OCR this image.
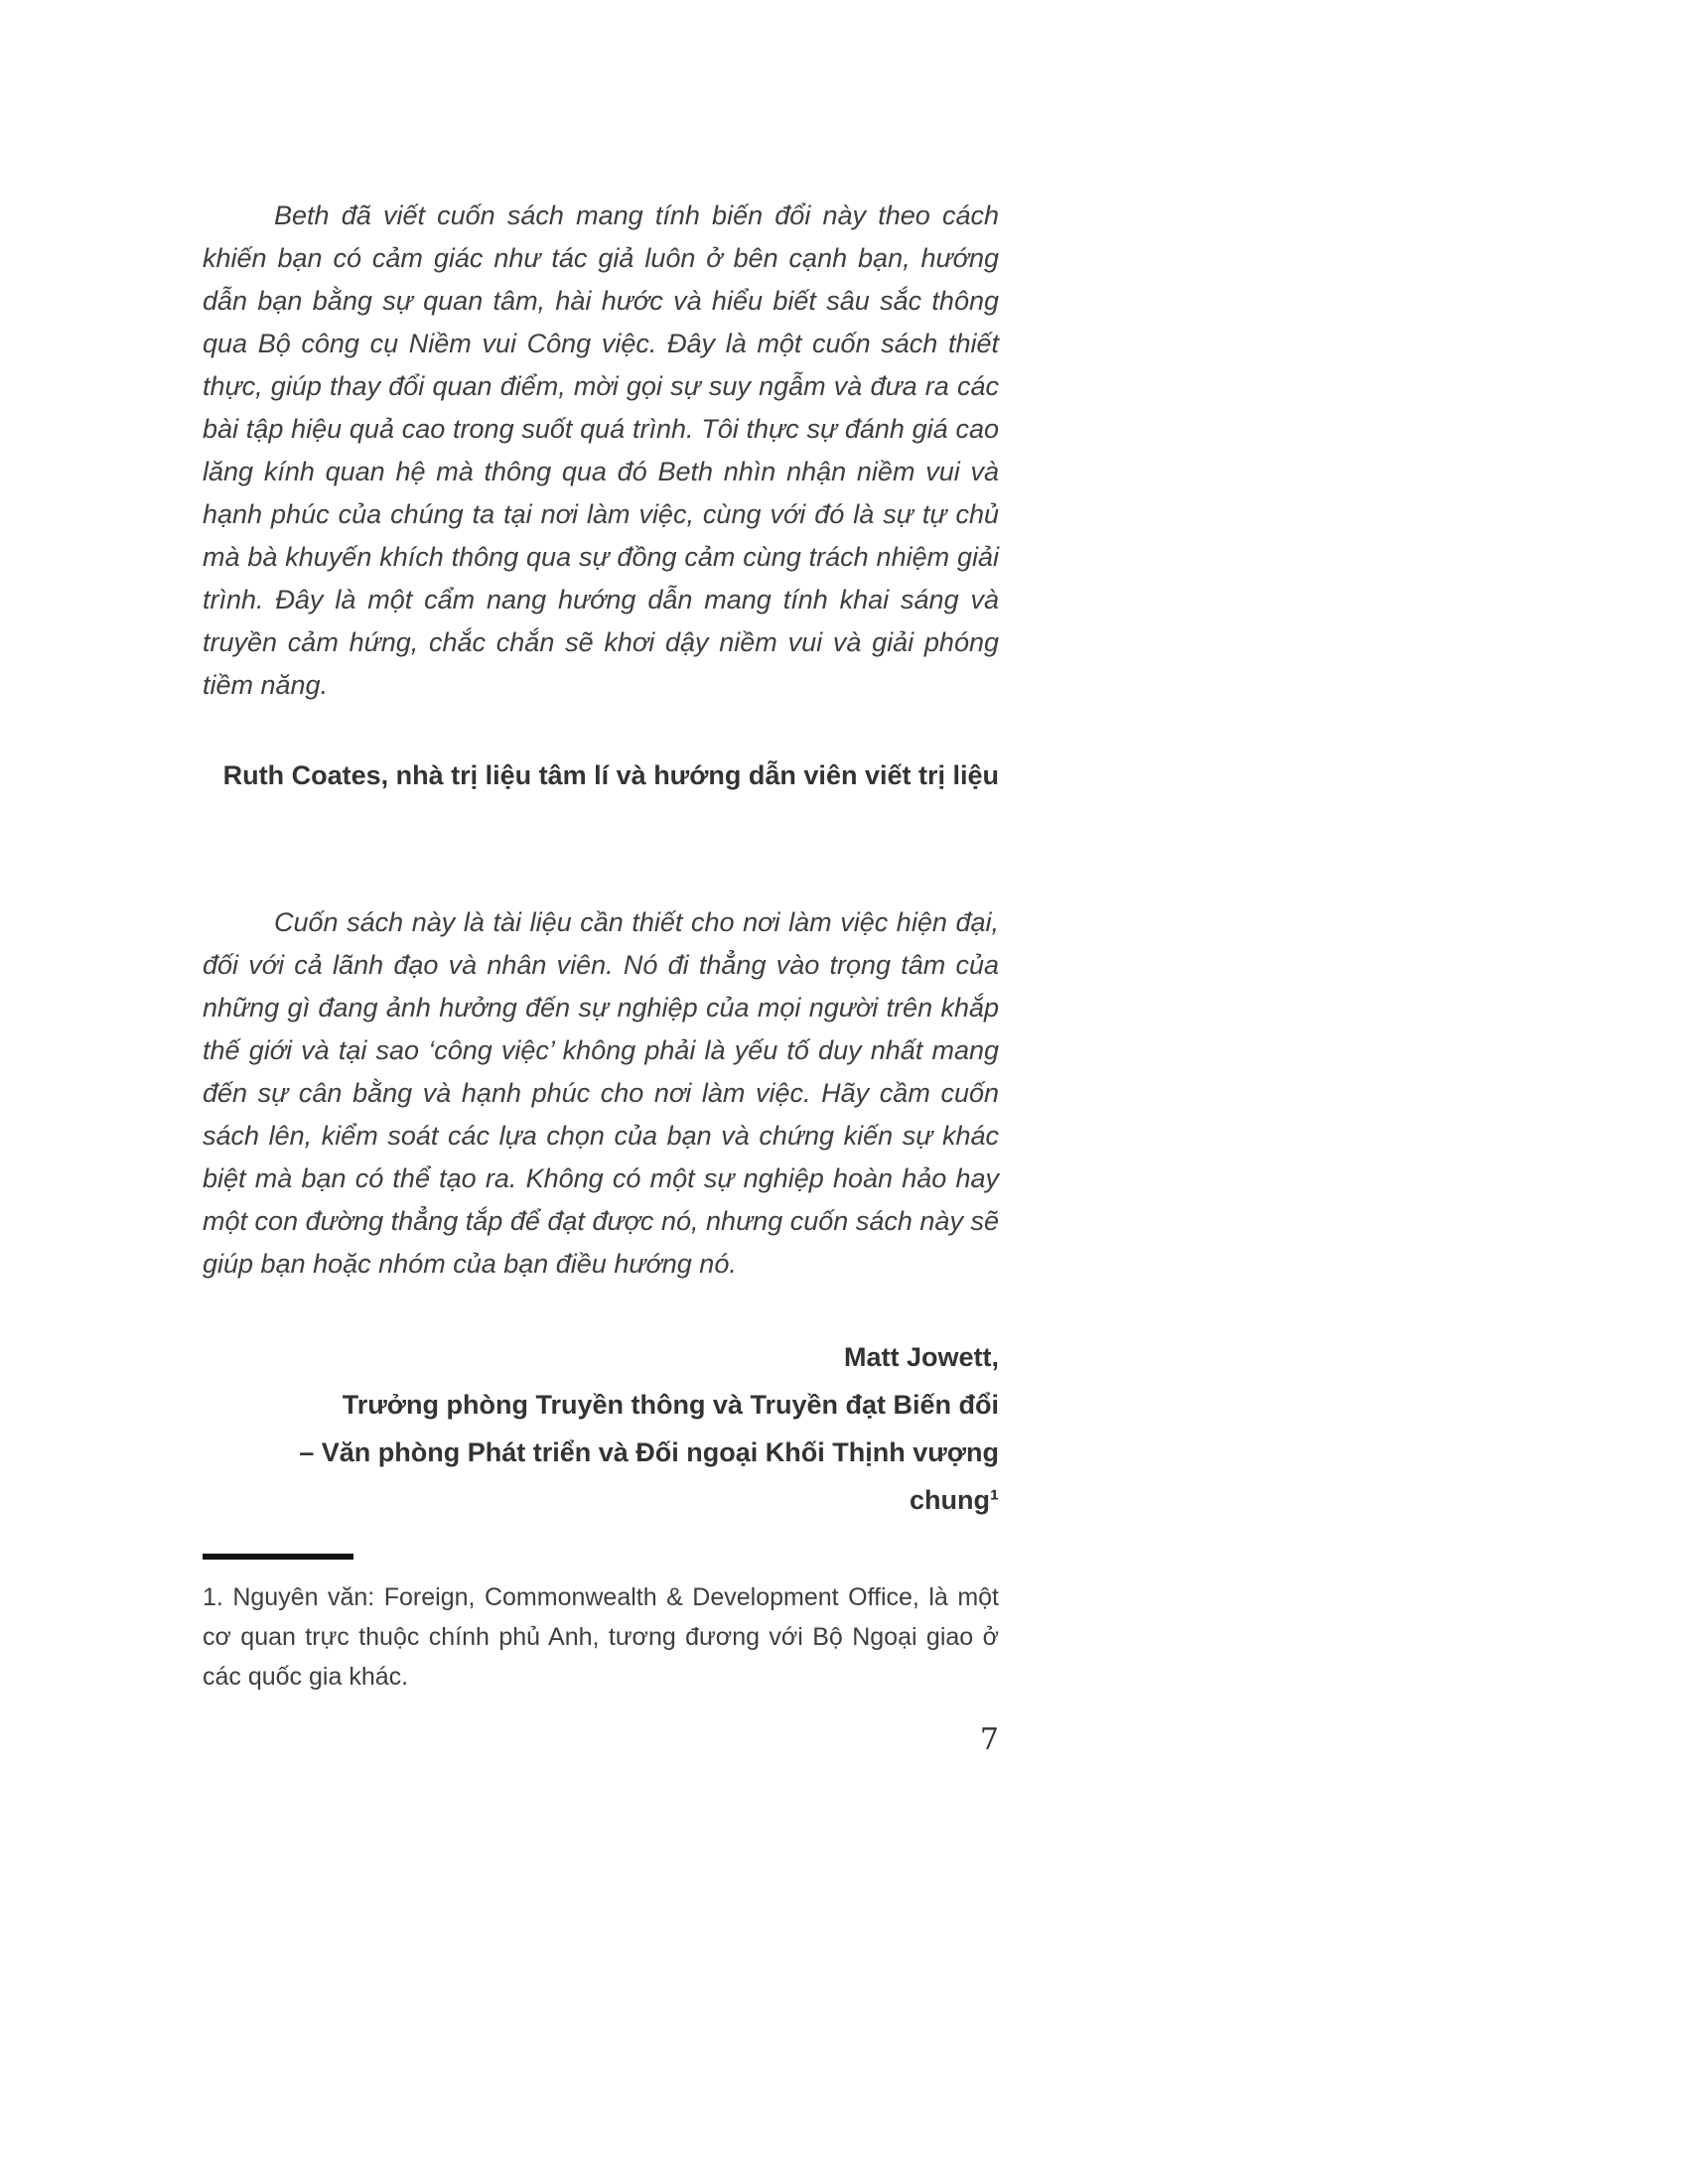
Beth đã viết cuốn sách mang tính biến đổi này theo cách khiến bạn có cảm giác như tác giả luôn ở bên cạnh bạn, hướng dẫn bạn bằng sự quan tâm, hài hước và hiểu biết sâu sắc thông qua Bộ công cụ Niềm vui Công việc. Đây là một cuốn sách thiết thực, giúp thay đổi quan điểm, mời gọi sự suy ngẫm và đưa ra các bài tập hiệu quả cao trong suốt quá trình. Tôi thực sự đánh giá cao lăng kính quan hệ mà thông qua đó Beth nhìn nhận niềm vui và hạnh phúc của chúng ta tại nơi làm việc, cùng với đó là sự tự chủ mà bà khuyến khích thông qua sự đồng cảm cùng trách nhiệm giải trình. Đây là một cẩm nang hướng dẫn mang tính khai sáng và truyền cảm hứng, chắc chắn sẽ khơi dậy niềm vui và giải phóng tiềm năng.

Ruth Coates, nhà trị liệu tâm lí và hướng dẫn viên viết trị liệu

Cuốn sách này là tài liệu cần thiết cho nơi làm việc hiện đại, đối với cả lãnh đạo và nhân viên. Nó đi thẳng vào trọng tâm của những gì đang ảnh hưởng đến sự nghiệp của mọi người trên khắp thế giới và tại sao ‘công việc’ không phải là yếu tố duy nhất mang đến sự cân bằng và hạnh phúc cho nơi làm việc. Hãy cầm cuốn sách lên, kiểm soát các lựa chọn của bạn và chứng kiến sự khác biệt mà bạn có thể tạo ra. Không có một sự nghiệp hoàn hảo hay một con đường thẳng tắp để đạt được nó, nhưng cuốn sách này sẽ giúp bạn hoặc nhóm của bạn điều hướng nó.

Matt Jowett,

Trưởng phòng Truyền thông và Truyền đạt Biến đổi

– Văn phòng Phát triển và Đối ngoại Khối Thịnh vượng chung¹

1. Nguyên văn: Foreign, Commonwealth & Development Office, là một cơ quan trực thuộc chính phủ Anh, tương đương với Bộ Ngoại giao ở các quốc gia khác.

7
